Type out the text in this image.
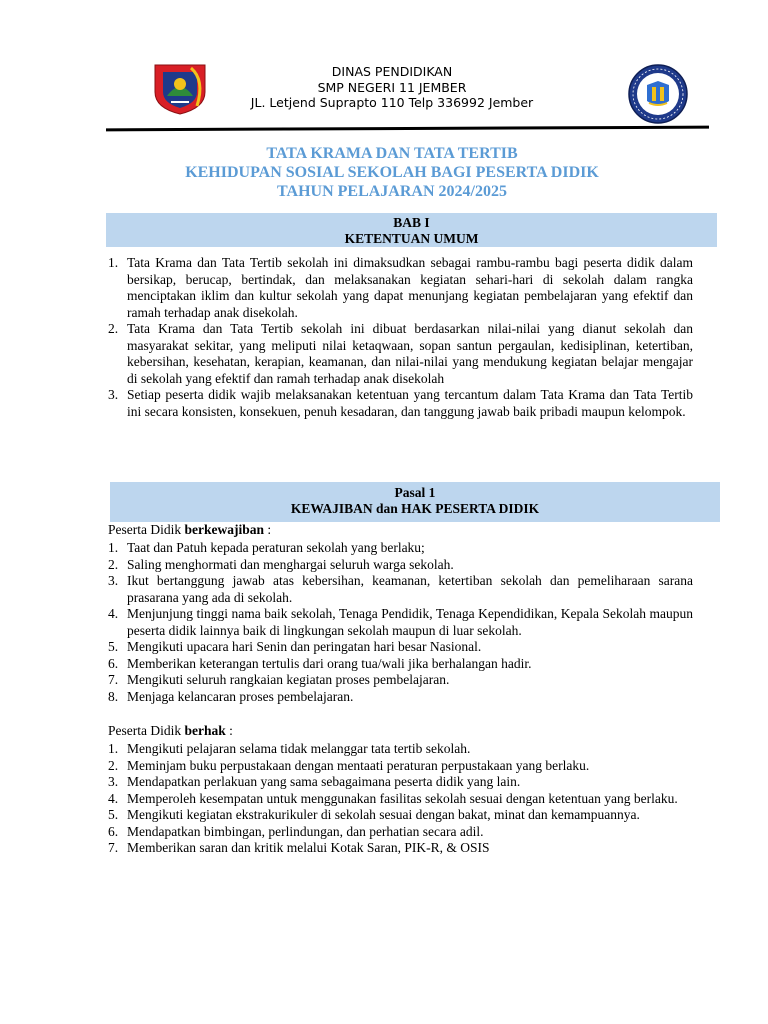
DINAS PENDIDIKAN
SMP NEGERI 11 JEMBER
JL. Letjend Suprapto 110 Telp 336992 Jember
TATA KRAMA DAN TATA TERTIB
KEHIDUPAN SOSIAL SEKOLAH BAGI PESERTA DIDIK
TAHUN PELAJARAN 2024/2025
BAB I
KETENTUAN UMUM
1. Tata Krama dan Tata Tertib sekolah ini dimaksudkan sebagai rambu-rambu bagi peserta didik dalam bersikap, berucap, bertindak, dan melaksanakan kegiatan sehari-hari di sekolah dalam rangka menciptakan iklim dan kultur sekolah yang dapat menunjang kegiatan pembelajaran yang efektif dan ramah terhadap anak disekolah.
2. Tata Krama dan Tata Tertib sekolah ini dibuat berdasarkan nilai-nilai yang dianut sekolah dan masyarakat sekitar, yang meliputi nilai ketaqwaan, sopan santun pergaulan, kedisiplinan, ketertiban, kebersihan, kesehatan, kerapian, keamanan, dan nilai-nilai yang mendukung kegiatan belajar mengajar di sekolah yang efektif dan ramah terhadap anak disekolah
3. Setiap peserta didik wajib melaksanakan ketentuan yang tercantum dalam Tata Krama dan Tata Tertib ini secara konsisten, konsekuen, penuh kesadaran, dan tanggung jawab baik pribadi maupun kelompok.
Pasal 1
KEWAJIBAN dan HAK PESERTA DIDIK
Peserta Didik berkewajiban :
1. Taat dan Patuh kepada peraturan sekolah yang berlaku;
2. Saling menghormati dan menghargai seluruh warga sekolah.
3. Ikut bertanggung jawab atas kebersihan, keamanan, ketertiban sekolah dan pemeliharaan sarana prasarana yang ada di sekolah.
4. Menjunjung tinggi nama baik sekolah, Tenaga Pendidik, Tenaga Kependidikan, Kepala Sekolah maupun peserta didik lainnya baik di lingkungan sekolah maupun di luar sekolah.
5. Mengikuti upacara hari Senin dan peringatan hari besar Nasional.
6. Memberikan keterangan tertulis dari orang tua/wali jika berhalangan hadir.
7. Mengikuti seluruh rangkaian kegiatan proses pembelajaran.
8. Menjaga kelancaran proses pembelajaran.
Peserta Didik berhak :
1. Mengikuti pelajaran selama tidak melanggar tata tertib sekolah.
2. Meminjam buku perpustakaan dengan mentaati peraturan perpustakaan yang berlaku.
3. Mendapatkan perlakuan yang sama sebagaimana peserta didik yang lain.
4. Memperoleh kesempatan untuk menggunakan fasilitas sekolah sesuai dengan ketentuan yang berlaku.
5. Mengikuti kegiatan ekstrakurikuler di sekolah sesuai dengan bakat, minat dan kemampuannya.
6. Mendapatkan bimbingan, perlindungan, dan perhatian secara adil.
7. Memberikan saran dan kritik melalui Kotak Saran, PIK-R, & OSIS
